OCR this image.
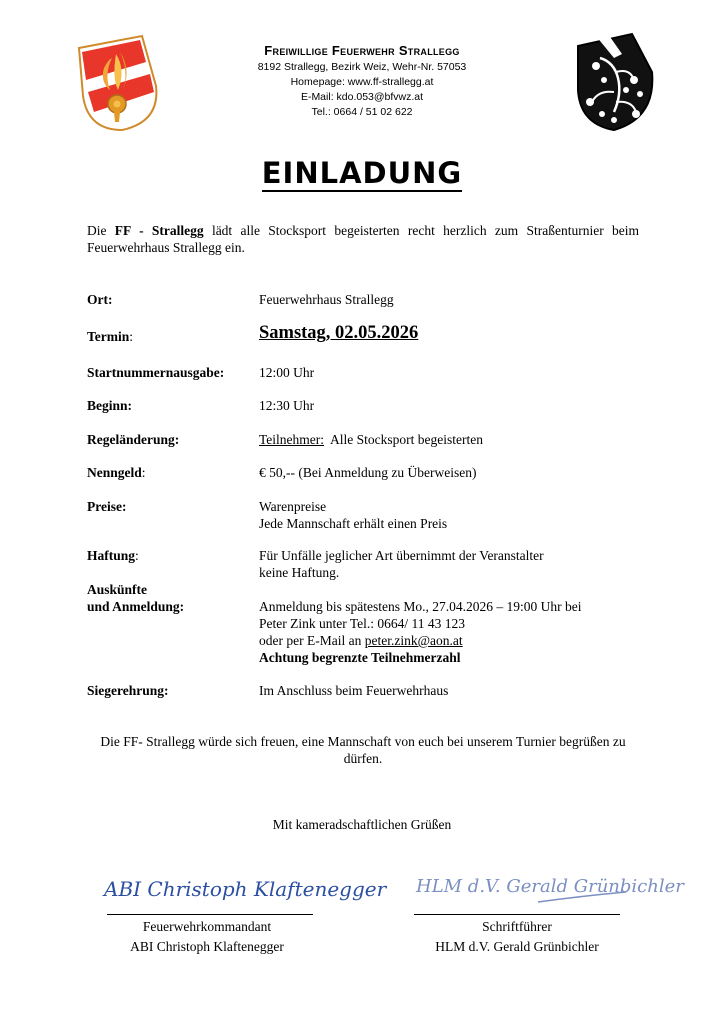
Freiwillige Feuerwehr Strallegg
8192 Strallegg, Bezirk Weiz, Wehr-Nr. 57053
Homepage: www.ff-strallegg.at
E-Mail: kdo.053@bfvwz.at
Tel.: 0664 / 51 02 622
EINLADUNG
Die FF - Strallegg lädt alle Stocksport begeisterten recht herzlich zum Straßenturnier beim Feuerwehrhaus Strallegg ein.
Ort:	Feuerwehrhaus Strallegg
Termin:	Samstag, 02.05.2026
Startnummernausgabe:	12:00 Uhr
Beginn:	12:30 Uhr
Regeländerung:	Teilnehmer:  Alle Stocksport begeisterten
Nenngeld:	€ 50,-- (Bei Anmeldung zu Überweisen)
Preise:	Warenpreise
Jede Mannschaft erhält einen Preis
Haftung:	Für Unfälle jeglicher Art übernimmt der Veranstalter
keine Haftung.
Auskünfte
und Anmeldung:	Anmeldung bis spätestens Mo., 27.04.2026 – 19:00 Uhr bei
Peter Zink unter Tel.: 0664/ 11 43 123
oder per E-Mail an peter.zink@aon.at
Achtung begrenzte Teilnehmerzahl
Siegerehrung:	Im Anschluss beim Feuerwehrhaus
Die FF- Strallegg würde sich freuen, eine Mannschaft von euch bei unserem Turnier begrüßen zu dürfen.
Mit kameradschaftlichen Grüßen
ABI Christoph Klaftenegger
Feuerwehrkommandant
ABI Christoph Klaftenegger
HLM d.V. Gerald Grünbichler
Schriftführer
HLM d.V. Gerald Grünbichler
